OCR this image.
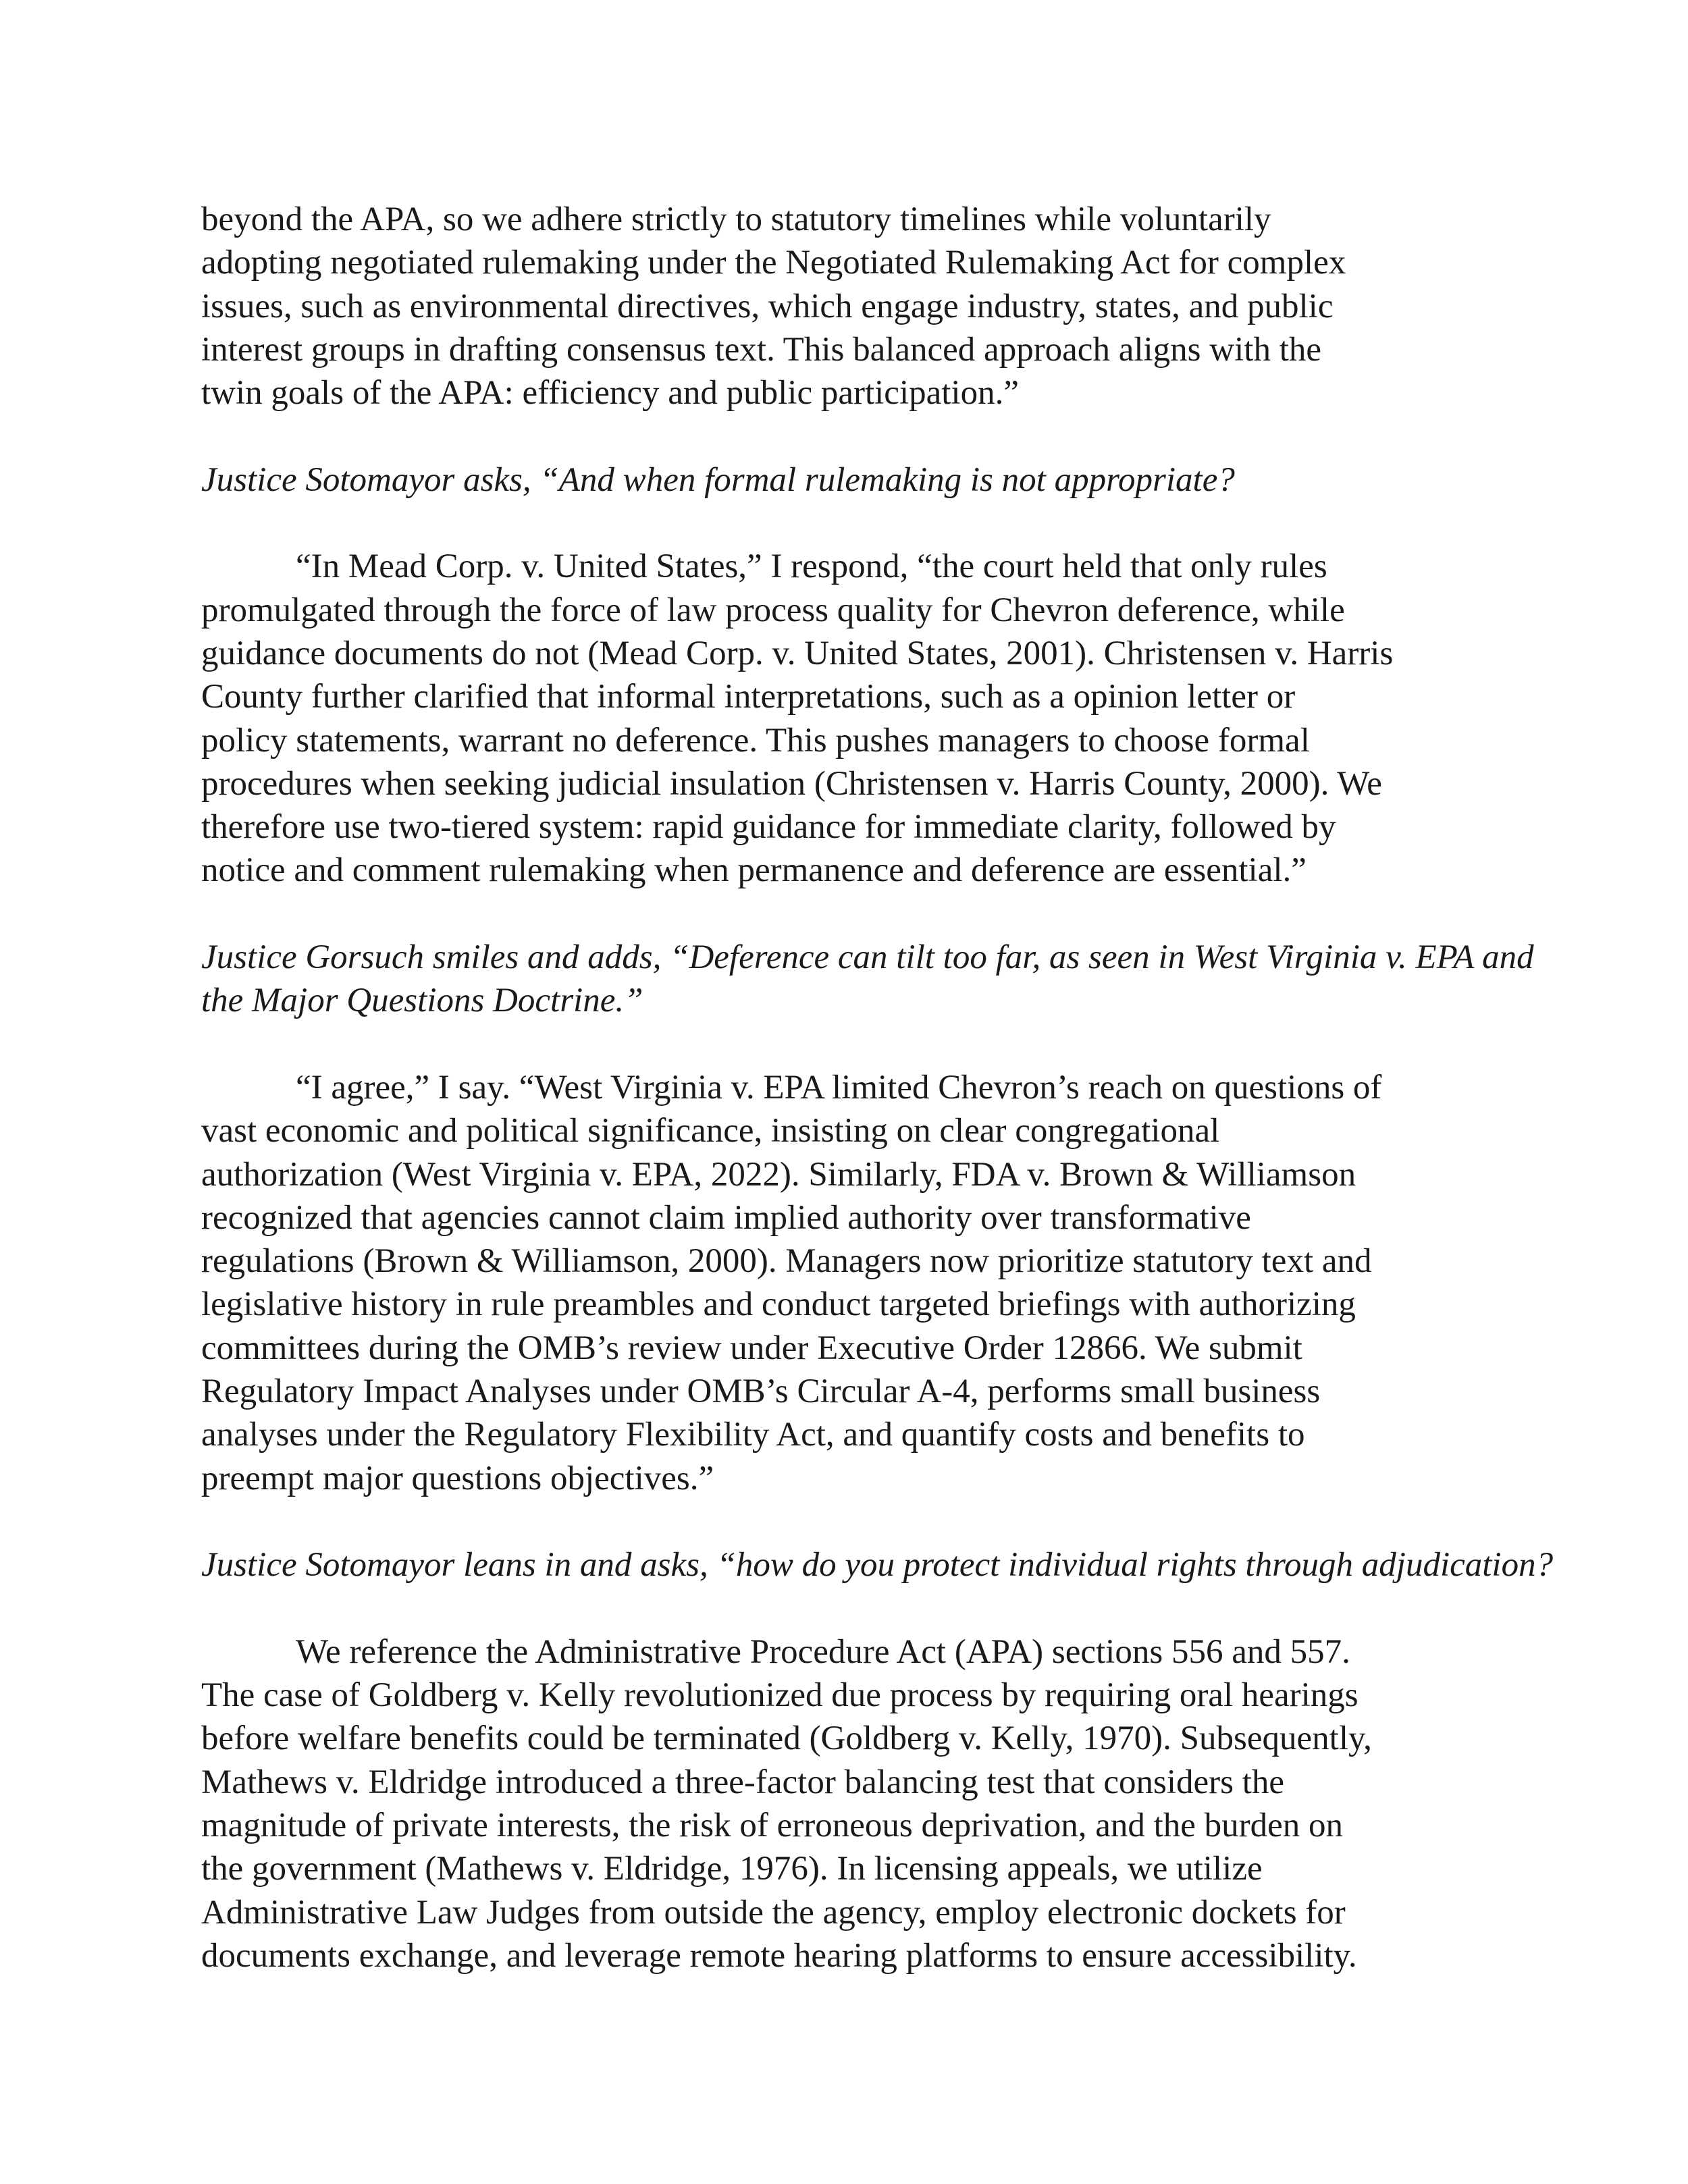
beyond the APA, so we adhere strictly to statutory timelines while voluntarily
adopting negotiated rulemaking under the Negotiated Rulemaking Act for complex
issues, such as environmental directives, which engage industry, states, and public
interest groups in drafting consensus text. This balanced approach aligns with the
twin goals of the APA: efficiency and public participation.”
Justice Sotomayor asks, “And when formal rulemaking is not appropriate?
“In Mead Corp. v. United States,” I respond, “the court held that only rules
promulgated through the force of law process quality for Chevron deference, while
guidance documents do not (Mead Corp. v. United States, 2001). Christensen v. Harris
County further clarified that informal interpretations, such as a opinion letter or
policy statements, warrant no deference. This pushes managers to choose formal
procedures when seeking judicial insulation (Christensen v. Harris County, 2000). We
therefore use two-tiered system: rapid guidance for immediate clarity, followed by
notice and comment rulemaking when permanence and deference are essential.”
Justice Gorsuch smiles and adds, “Deference can tilt too far, as seen in West Virginia v. EPA and
the Major Questions Doctrine.”
“I agree,” I say. “West Virginia v. EPA limited Chevron’s reach on questions of
vast economic and political significance, insisting on clear congregational
authorization (West Virginia v. EPA, 2022). Similarly, FDA v. Brown & Williamson
recognized that agencies cannot claim implied authority over transformative
regulations (Brown & Williamson, 2000). Managers now prioritize statutory text and
legislative history in rule preambles and conduct targeted briefings with authorizing
committees during the OMB’s review under Executive Order 12866. We submit
Regulatory Impact Analyses under OMB’s Circular A-4, performs small business
analyses under the Regulatory Flexibility Act, and quantify costs and benefits to
preempt major questions objectives.”
Justice Sotomayor leans in and asks, “how do you protect individual rights through adjudication?
We reference the Administrative Procedure Act (APA) sections 556 and 557.
The case of Goldberg v. Kelly revolutionized due process by requiring oral hearings
before welfare benefits could be terminated (Goldberg v. Kelly, 1970). Subsequently,
Mathews v. Eldridge introduced a three-factor balancing test that considers the
magnitude of private interests, the risk of erroneous deprivation, and the burden on
the government (Mathews v. Eldridge, 1976). In licensing appeals, we utilize
Administrative Law Judges from outside the agency, employ electronic dockets for
documents exchange, and leverage remote hearing platforms to ensure accessibility.
